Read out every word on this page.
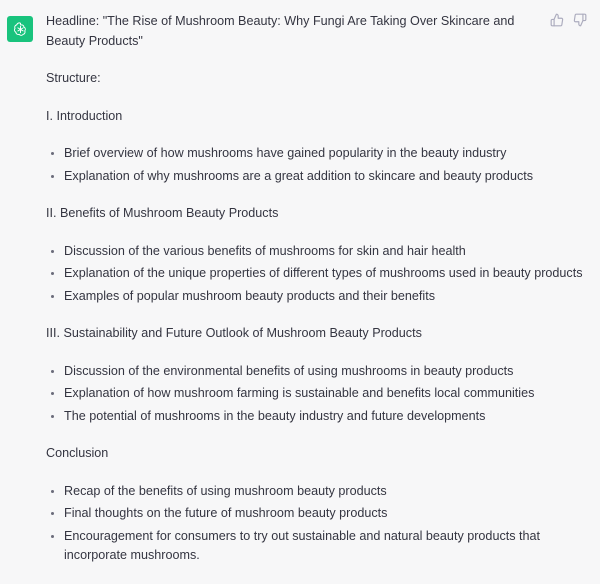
Headline: "The Rise of Mushroom Beauty: Why Fungi Are Taking Over Skincare and Beauty Products"

Structure:

I. Introduction

Brief overview of how mushrooms have gained popularity in the beauty industry
Explanation of why mushrooms are a great addition to skincare and beauty products

II. Benefits of Mushroom Beauty Products

Discussion of the various benefits of mushrooms for skin and hair health
Explanation of the unique properties of different types of mushrooms used in beauty products
Examples of popular mushroom beauty products and their benefits

III. Sustainability and Future Outlook of Mushroom Beauty Products

Discussion of the environmental benefits of using mushrooms in beauty products
Explanation of how mushroom farming is sustainable and benefits local communities
The potential of mushrooms in the beauty industry and future developments

Conclusion

Recap of the benefits of using mushroom beauty products
Final thoughts on the future of mushroom beauty products
Encouragement for consumers to try out sustainable and natural beauty products that incorporate mushrooms.
